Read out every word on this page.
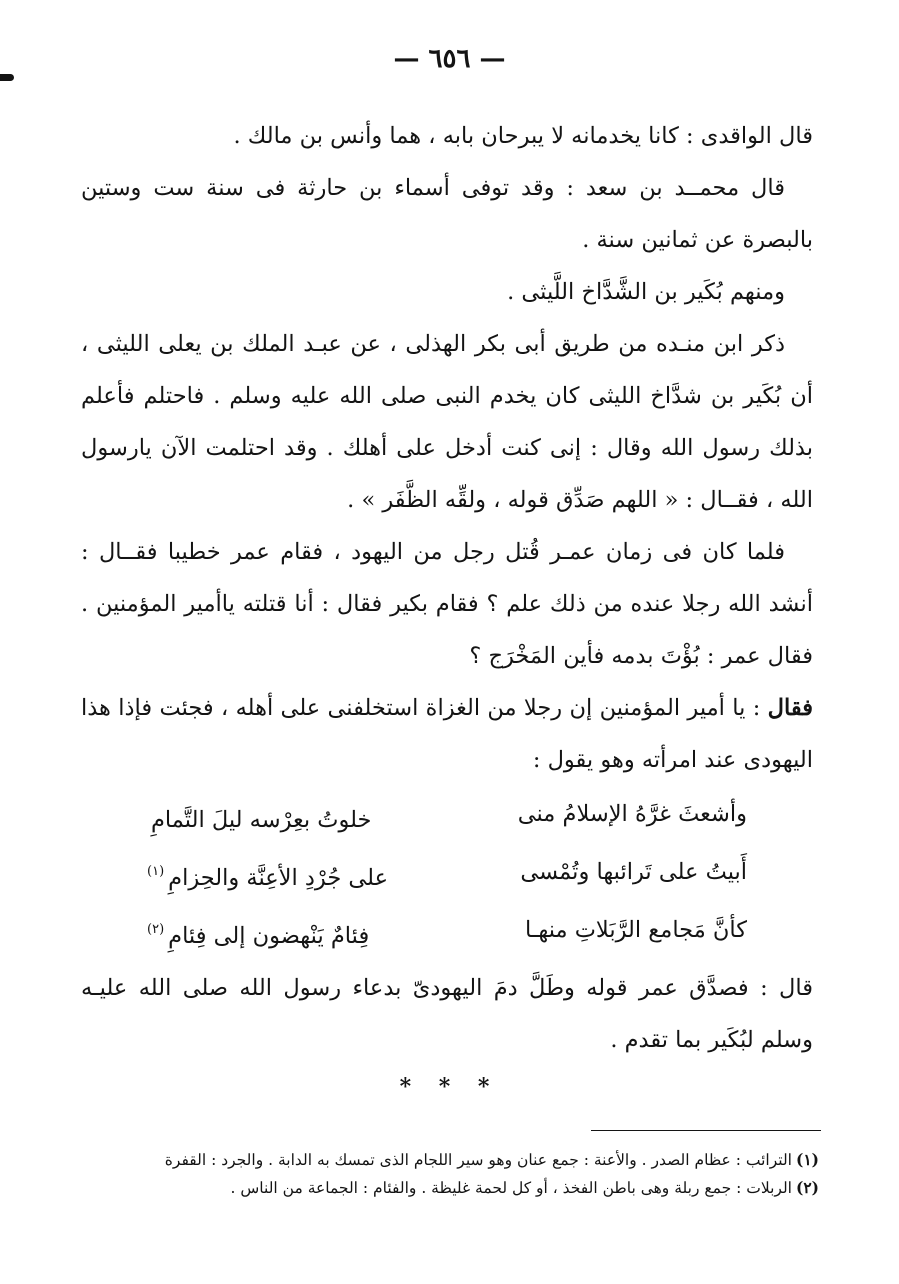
— ٦٥٦ —

قال الواقدى : كانا يخدمانه لا يبرحان بابه ، هما وأنس بن مالك .

قال محمــد بن سعد : وقد توفى أسماء بن حارثة فى سنة ست وستين بالبصرة عن ثمانين سنة .

ومنهم بُكَير بن الشَّدَّاخ اللَّيثى .

ذكر ابن منـده من طريق أبى بكر الهذلى ، عن عبـد الملك بن يعلى الليثى ، أن بُكَير بن شدَّاخ الليثى كان يخدم النبى صلى الله عليه وسلم . فاحتلم فأعلم بذلك رسول الله وقال : إنى كنت أدخل على أهلك . وقد احتلمت الآن يارسول الله ، فقــال : « اللهم صَدِّق قوله ، ولقِّه الظَّفَر » .

فلما كان فى زمان عمـر قُتل رجل من اليهود ، فقام عمر خطيبا فقــال : أنشد الله رجلا عنده من ذلك علم ؟ فقام بكير فقال : أنا قتلته ياأمير المؤمنين . فقال عمر : بُؤْتَ بدمه فأين المَخْرَج ؟

فقال : يا أمير المؤمنين إن رجلا من الغزاة استخلفنى على أهله ، فجئت فإذا هذا اليهودى عند امرأته وهو يقول :

وأشعثَ غرَّهُ الإسلامُ منى
خلوتُ بعِرْسه ليلَ التَّمامِ
أَبيتُ على تَرائبها وتُمْسى
على جُرْدِ الأعِنَّة والحِزامِ$^{(١)}$
كأنَّ مَجامع الرَّبَلاتِ منهـا
فِئامٌ يَنْهضون إلى فِئامِ$^{(٢)}$

قال : فصدَّق عمر قوله وطَلَّ دمَ اليهودىّ بدعاء رسول الله صلى الله عليـه وسلم لبُكَير بما تقدم .

* * *
(١)الترائب : عظام الصدر . والأعنة : جمع عنان وهو سير اللجام الذى تمسك به الدابة . والجرد : القفرة
(٢)الربلات : جمع ربلة وهى باطن الفخذ ، أو كل لحمة غليظة . والفئام : الجماعة من الناس .
